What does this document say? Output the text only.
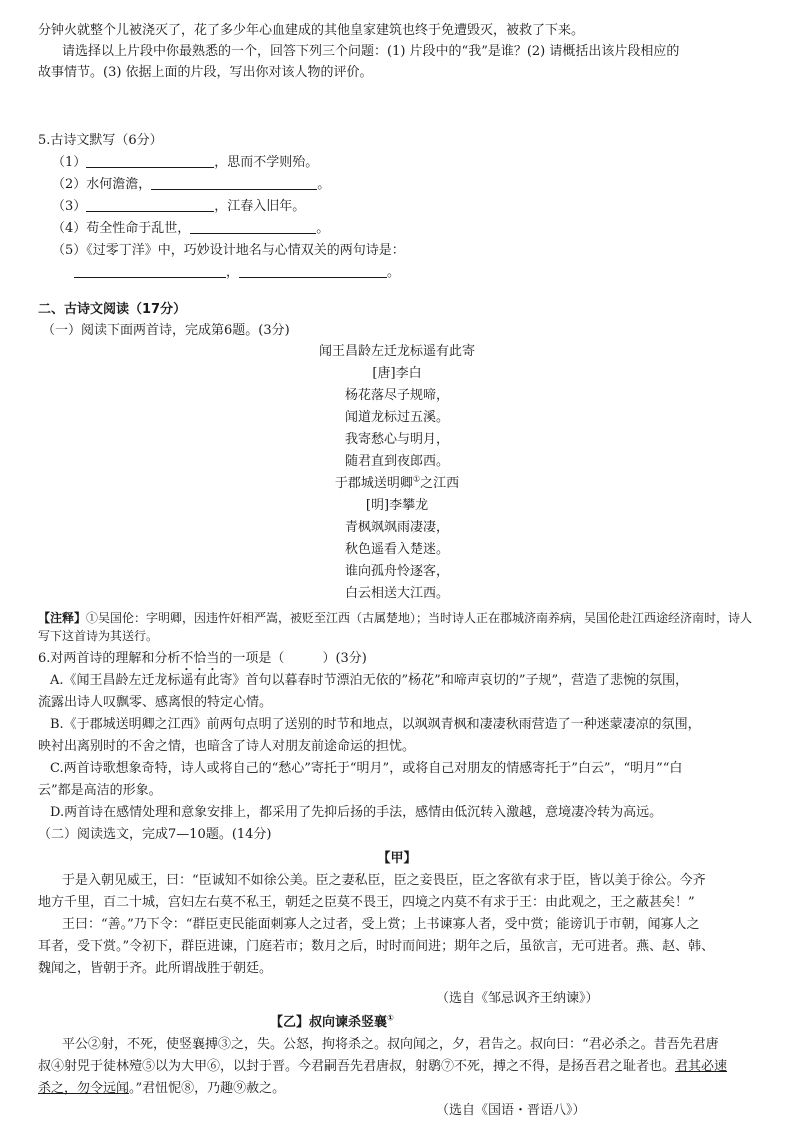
分钟火就整个儿被浇灭了，花了多少年心血建成的其他皇家建筑也终于免遭毁灭，被救了下来。
请选择以上片段中你最熟悉的一个，回答下列三个问题：(1) 片段中的“我”是谁？(2) 请概括出该片段相应的
故事情节。(3) 依据上面的片段，写出你对该人物的评价。
5.古诗文默写（6分）
（1）	，思而不学则殆。
（2）水何澹澹，	。
（3）	，江春入旧年。
（4）苟全性命于乱世，	。
（5）《过零丁洋》中，巧妙设计地名与心情双关的两句诗是：
，	。
二、古诗文阅读（17分）
（一）阅读下面两首诗，完成第6题。(3分)
闻王昌龄左迁龙标遥有此寄
[唐]李白
杨花落尽子规啼，
闻道龙标过五溪。
我寄愁心与明月，
随君直到夜郎西。
于郡城送明卿①之江西
[明]李攀龙
青枫飒飒雨凄凄，
秋色遥看入楚迷。
谁向孤舟怜逐客，
白云相送大江西。
【注释】①吴国伦：字明卿，因违忤奸相严嵩，被贬至江西（古属楚地）；当时诗人正在郡城济南养病，吴国伦赴江西途经济南时，诗人
写下这首诗为其送行。
6.对两首诗的理解和分析不恰当的一项是（	）(3分)
A.《闻王昌龄左迁龙标遥有此寄》首句以暮春时节漂泊无依的”杨花”和啼声哀切的”子规”，营造了悲惋的氛围，
流露出诗人叹飘零、感离恨的特定心情。
B.《于郡城送明卿之江西》前两句点明了送别的时节和地点，以飒飒青枫和凄凄秋雨营造了一种迷蒙凄凉的氛围，
映衬出离别时的不舍之情，也暗含了诗人对朋友前途命运的担忧。
C.两首诗歌想象奇特，诗人或将自己的“愁心”寄托于“明月”，或将自己对朋友的情感寄托于”白云”，“明月”“白
云”都是高洁的形象。
D.两首诗在感情处理和意象安排上，都采用了先抑后扬的手法，感情由低沉转入激越，意境凄冷转为高远。
（二）阅读选文，完成7—10题。(14分)
【甲】
于是入朝见威王，曰：“臣诚知不如徐公美。臣之妻私臣，臣之妾畏臣，臣之客欲有求于臣，皆以美于徐公。今齐
地方千里，百二十城，宫妇左右莫不私王，朝廷之臣莫不畏王，四境之内莫不有求于王：由此观之，王之蔽甚矣！”
王曰：“善。”乃下令：“群臣吏民能面刺寡人之过者，受上赏；上书谏寡人者，受中赏；能谤讥于市朝，闻寡人之
耳者，受下赏。”令初下，群臣进谏，门庭若市；数月之后，时时而间进；期年之后，虽欲言，无可进者。燕、赵、韩、
魏闻之，皆朝于齐。此所谓战胜于朝廷。
（选自《邹忌讽齐王纳谏》）
【乙】叔向谏杀竖襄①
平公②射，不死，使竖襄搏③之，失。公怒，拘将杀之。叔向闻之，夕，君告之。叔向曰：“君必杀之。昔吾先君唐
叔④射兕于徒林殪⑤以为大甲⑥，以封于晋。今君嗣吾先君唐叔，射鹖⑦不死，搏之不得，是扬吾君之耻者也。君其必速
杀之，勿令远闻。”君忸怩⑧，乃趣⑨赦之。
（选自《国语・晋语八》）
